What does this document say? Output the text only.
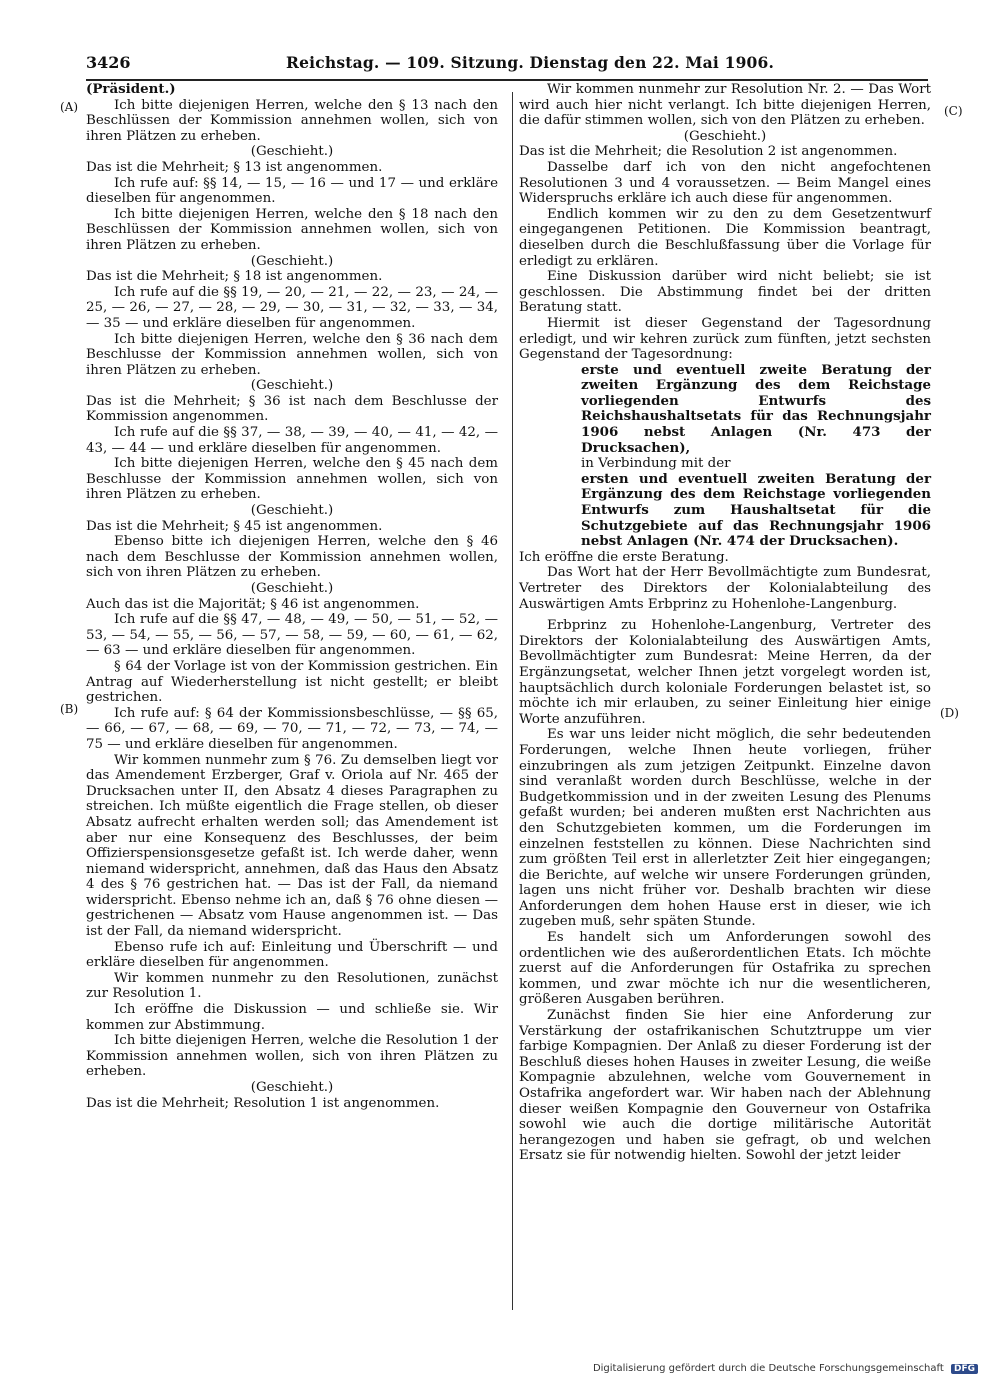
3426	Reichstag. — 109. Sitzung. Dienstag den 22. Mai 1906.
(A)
(B)
(C)
(D)

(Präsident.)

Ich bitte diejenigen Herren, welche den § 13 nach den Beschlüssen der Kommission annehmen wollen, sich von ihren Plätzen zu erheben.

(Geschieht.)

Das ist die Mehrheit; § 13 ist angenommen.

Ich rufe auf: §§ 14, — 15, — 16 — und 17 — und erkläre dieselben für angenommen.

Ich bitte diejenigen Herren, welche den § 18 nach den Beschlüssen der Kommission annehmen wollen, sich von ihren Plätzen zu erheben.

(Geschieht.)

Das ist die Mehrheit; § 18 ist angenommen.

Ich rufe auf die §§ 19, — 20, — 21, — 22, — 23, — 24, — 25, — 26, — 27, — 28, — 29, — 30, — 31, — 32, — 33, — 34, — 35 — und erkläre dieselben für angenommen.

Ich bitte diejenigen Herren, welche den § 36 nach dem Beschlusse der Kommission annehmen wollen, sich von ihren Plätzen zu erheben.

(Geschieht.)

Das ist die Mehrheit; § 36 ist nach dem Beschlusse der Kommission angenommen.

Ich rufe auf die §§ 37, — 38, — 39, — 40, — 41, — 42, — 43, — 44 — und erkläre dieselben für angenommen.

Ich bitte diejenigen Herren, welche den § 45 nach dem Beschlusse der Kommission annehmen wollen, sich von ihren Plätzen zu erheben.

(Geschieht.)

Das ist die Mehrheit; § 45 ist angenommen.

Ebenso bitte ich diejenigen Herren, welche den § 46 nach dem Beschlusse der Kommission annehmen wollen, sich von ihren Plätzen zu erheben.

(Geschieht.)

Auch das ist die Majorität; § 46 ist angenommen.

Ich rufe auf die §§ 47, — 48, — 49, — 50, — 51, — 52, — 53, — 54, — 55, — 56, — 57, — 58, — 59, — 60, — 61, — 62, — 63 — und erkläre dieselben für angenommen.

§ 64 der Vorlage ist von der Kommission gestrichen. Ein Antrag auf Wiederherstellung ist nicht gestellt; er bleibt gestrichen.

Ich rufe auf: § 64 der Kommissionsbeschlüsse, — §§ 65, — 66, — 67, — 68, — 69, — 70, — 71, — 72, — 73, — 74, — 75 — und erkläre dieselben für angenommen.

Wir kommen nunmehr zum § 76. Zu demselben liegt vor das Amendement Erzberger, Graf v. Oriola auf Nr. 465 der Drucksachen unter II, den Absatz 4 dieses Paragraphen zu streichen. Ich müßte eigentlich die Frage stellen, ob dieser Absatz aufrecht erhalten werden soll; das Amendement ist aber nur eine Konsequenz des Beschlusses, der beim Offizierspensionsgesetze gefaßt ist. Ich werde daher, wenn niemand widerspricht, annehmen, daß das Haus den Absatz 4 des § 76 gestrichen hat. — Das ist der Fall, da niemand widerspricht. Ebenso nehme ich an, daß § 76 ohne diesen — gestrichenen — Absatz vom Hause angenommen ist. — Das ist der Fall, da niemand widerspricht.

Ebenso rufe ich auf: Einleitung und Überschrift — und erkläre dieselben für angenommen.

Wir kommen nunmehr zu den Resolutionen, zunächst zur Resolution 1.

Ich eröffne die Diskussion — und schließe sie. Wir kommen zur Abstimmung.

Ich bitte diejenigen Herren, welche die Resolution 1 der Kommission annehmen wollen, sich von ihren Plätzen zu erheben.

(Geschieht.)

Das ist die Mehrheit; Resolution 1 ist angenommen.

Wir kommen nunmehr zur Resolution Nr. 2. — Das Wort wird auch hier nicht verlangt. Ich bitte diejenigen Herren, die dafür stimmen wollen, sich von den Plätzen zu erheben.

(Geschieht.)

Das ist die Mehrheit; die Resolution 2 ist angenommen.

Dasselbe darf ich von den nicht angefochtenen Resolutionen 3 und 4 voraussetzen. — Beim Mangel eines Widerspruchs erkläre ich auch diese für angenommen.

Endlich kommen wir zu den zu dem Gesetzentwurf eingegangenen Petitionen. Die Kommission beantragt, dieselben durch die Beschlußfassung über die Vorlage für erledigt zu erklären.

Eine Diskussion darüber wird nicht beliebt; sie ist geschlossen. Die Abstimmung findet bei der dritten Beratung statt.

Hiermit ist dieser Gegenstand der Tagesordnung erledigt, und wir kehren zurück zum fünften, jetzt sechsten Gegenstand der Tagesordnung:

erste und eventuell zweite Beratung der zweiten Ergänzung des dem Reichstage vorliegenden Entwurfs des Reichshaushaltsetats für das Rechnungsjahr 1906 nebst Anlagen (Nr. 473 der Drucksachen),

in Verbindung mit der

ersten und eventuell zweiten Beratung der Ergänzung des dem Reichstage vorliegenden Entwurfs zum Haushaltsetat für die Schutzgebiete auf das Rechnungsjahr 1906 nebst Anlagen (Nr. 474 der Drucksachen).

Ich eröffne die erste Beratung.

Das Wort hat der Herr Bevollmächtigte zum Bundesrat, Vertreter des Direktors der Kolonialabteilung des Auswärtigen Amts Erbprinz zu Hohenlohe-Langenburg.

Erbprinz zu Hohenlohe-Langenburg, Vertreter des Direktors der Kolonialabteilung des Auswärtigen Amts, Bevollmächtigter zum Bundesrat: Meine Herren, da der Ergänzungsetat, welcher Ihnen jetzt vorgelegt worden ist, hauptsächlich durch koloniale Forderungen belastet ist, so möchte ich mir erlauben, zu seiner Einleitung hier einige Worte anzuführen.

Es war uns leider nicht möglich, die sehr bedeutenden Forderungen, welche Ihnen heute vorliegen, früher einzubringen als zum jetzigen Zeitpunkt. Einzelne davon sind veranlaßt worden durch Beschlüsse, welche in der Budgetkommission und in der zweiten Lesung des Plenums gefaßt wurden; bei anderen mußten erst Nachrichten aus den Schutzgebieten kommen, um die Forderungen im einzelnen feststellen zu können. Diese Nachrichten sind zum größten Teil erst in allerletzter Zeit hier eingegangen; die Berichte, auf welche wir unsere Forderungen gründen, lagen uns nicht früher vor. Deshalb brachten wir diese Anforderungen dem hohen Hause erst in dieser, wie ich zugeben muß, sehr späten Stunde.

Es handelt sich um Anforderungen sowohl des ordentlichen wie des außerordentlichen Etats. Ich möchte zuerst auf die Anforderungen für Ostafrika zu sprechen kommen, und zwar möchte ich nur die wesentlicheren, größeren Ausgaben berühren.

Zunächst finden Sie hier eine Anforderung zur Verstärkung der ostafrikanischen Schutztruppe um vier farbige Kompagnien. Der Anlaß zu dieser Forderung ist der Beschluß dieses hohen Hauses in zweiter Lesung, die weiße Kompagnie abzulehnen, welche vom Gouvernement in Ostafrika angefordert war. Wir haben nach der Ablehnung dieser weißen Kompagnie den Gouverneur von Ostafrika sowohl wie auch die dortige militärische Autorität herangezogen und haben sie gefragt, ob und welchen Ersatz sie für notwendig hielten. Sowohl der jetzt leider

Digitalisierung gefördert durch die Deutsche Forschungsgemeinschaft DFG
